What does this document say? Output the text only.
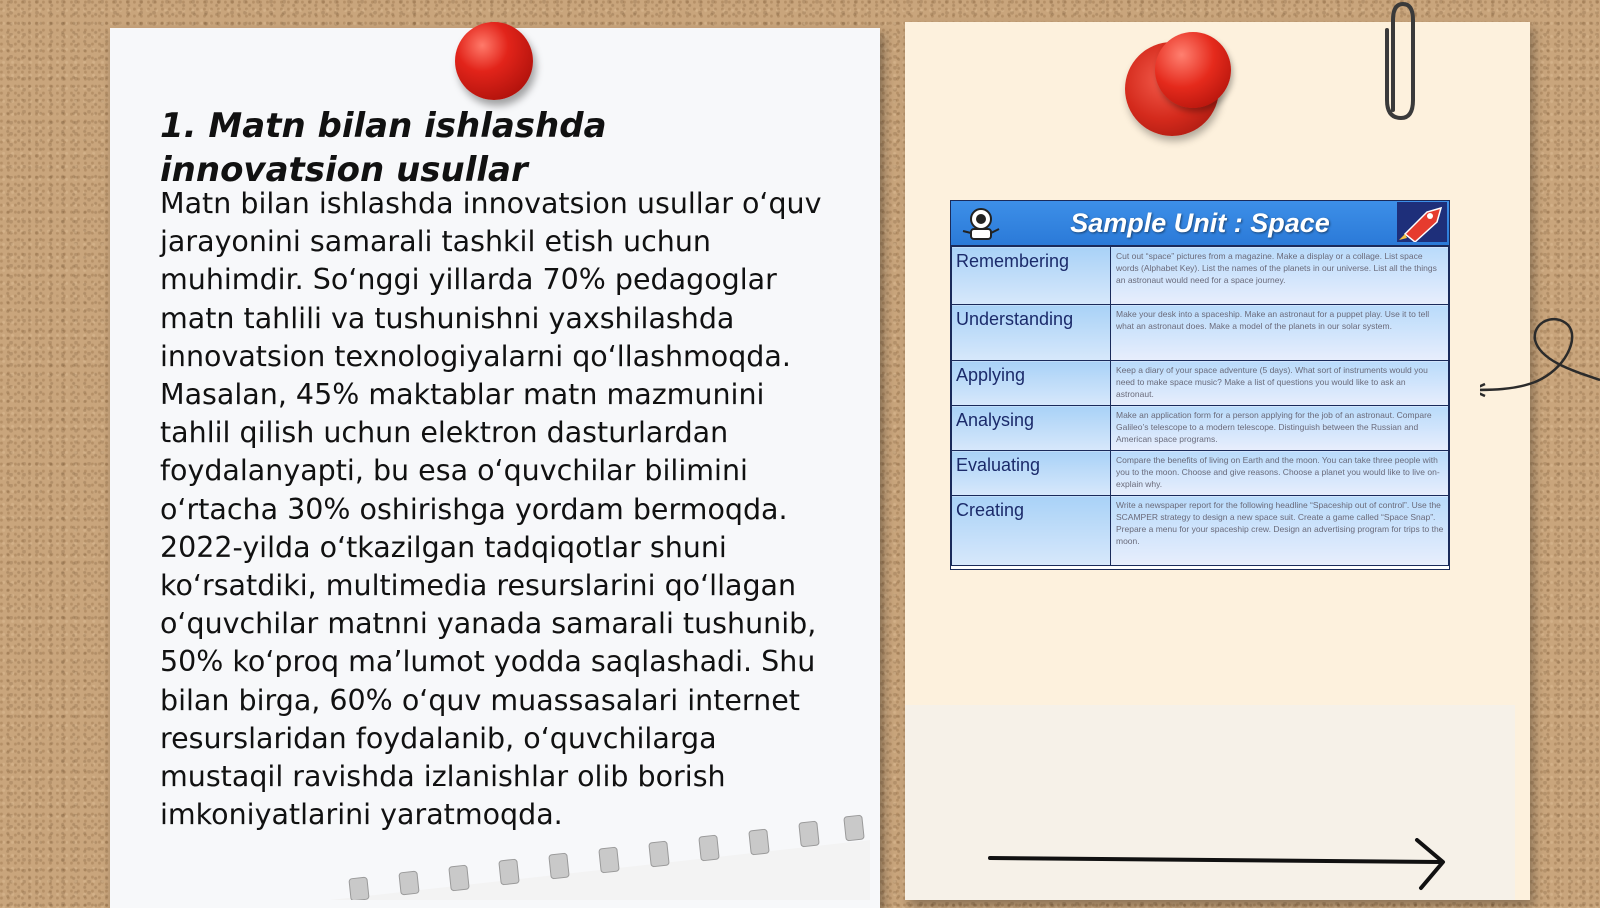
1. Matn bilan ishlashda innovatsion usullar

Matn bilan ishlashda innovatsion usullar o‘quv jarayonini samarali tashkil etish uchun muhimdir. So‘nggi yillarda 70% pedagoglar matn tahlili va tushunishni yaxshilashda innovatsion texnologiyalarni qo‘llashmoqda. Masalan, 45% maktablar matn mazmunini tahlil qilish uchun elektron dasturlardan foydalanyapti, bu esa o‘quvchilar bilimini o‘rtacha 30% oshirishga yordam bermoqda. 2022-yilda o‘tkazilgan tadqiqotlar shuni ko‘rsatdiki, multimedia resurslarini qo‘llagan o‘quvchilar matnni yanada samarali tushunib, 50% ko‘proq ma’lumot yodda saqlashadi. Shu bilan birga, 60% o‘quv muassasalari internet resurslaridan foydalanib, o‘quvchilarga mustaqil ravishda izlanishlar olib borish imkoniyatlarini yaratmoqda.

Sample Unit : Space
Remembering	Cut out “space” pictures from a magazine. Make a display or a collage. List space words (Alphabet Key). List the names of the planets in our universe. List all the things an astronaut would need for a space journey.
Understanding	Make your desk into a spaceship. Make an astronaut for a puppet play. Use it to tell what an astronaut does. Make a model of the planets in our solar system.
Applying	Keep a diary of your space adventure (5 days). What sort of instruments would you need to make space music? Make a list of questions you would like to ask an astronaut.
Analysing	Make an application form for a person applying for the job of an astronaut. Compare Galileo’s telescope to a modern telescope. Distinguish between the Russian and American space programs.
Evaluating	Compare the benefits of living on Earth and the moon. You can take three people with you to the moon. Choose and give reasons. Choose a planet you would like to live on- explain why.
Creating	Write a newspaper report for the following headline “Spaceship out of control”. Use the SCAMPER strategy to design a new space suit. Create a game called “Space Snap”. Prepare a menu for your spaceship crew. Design an advertising program for trips to the moon.
